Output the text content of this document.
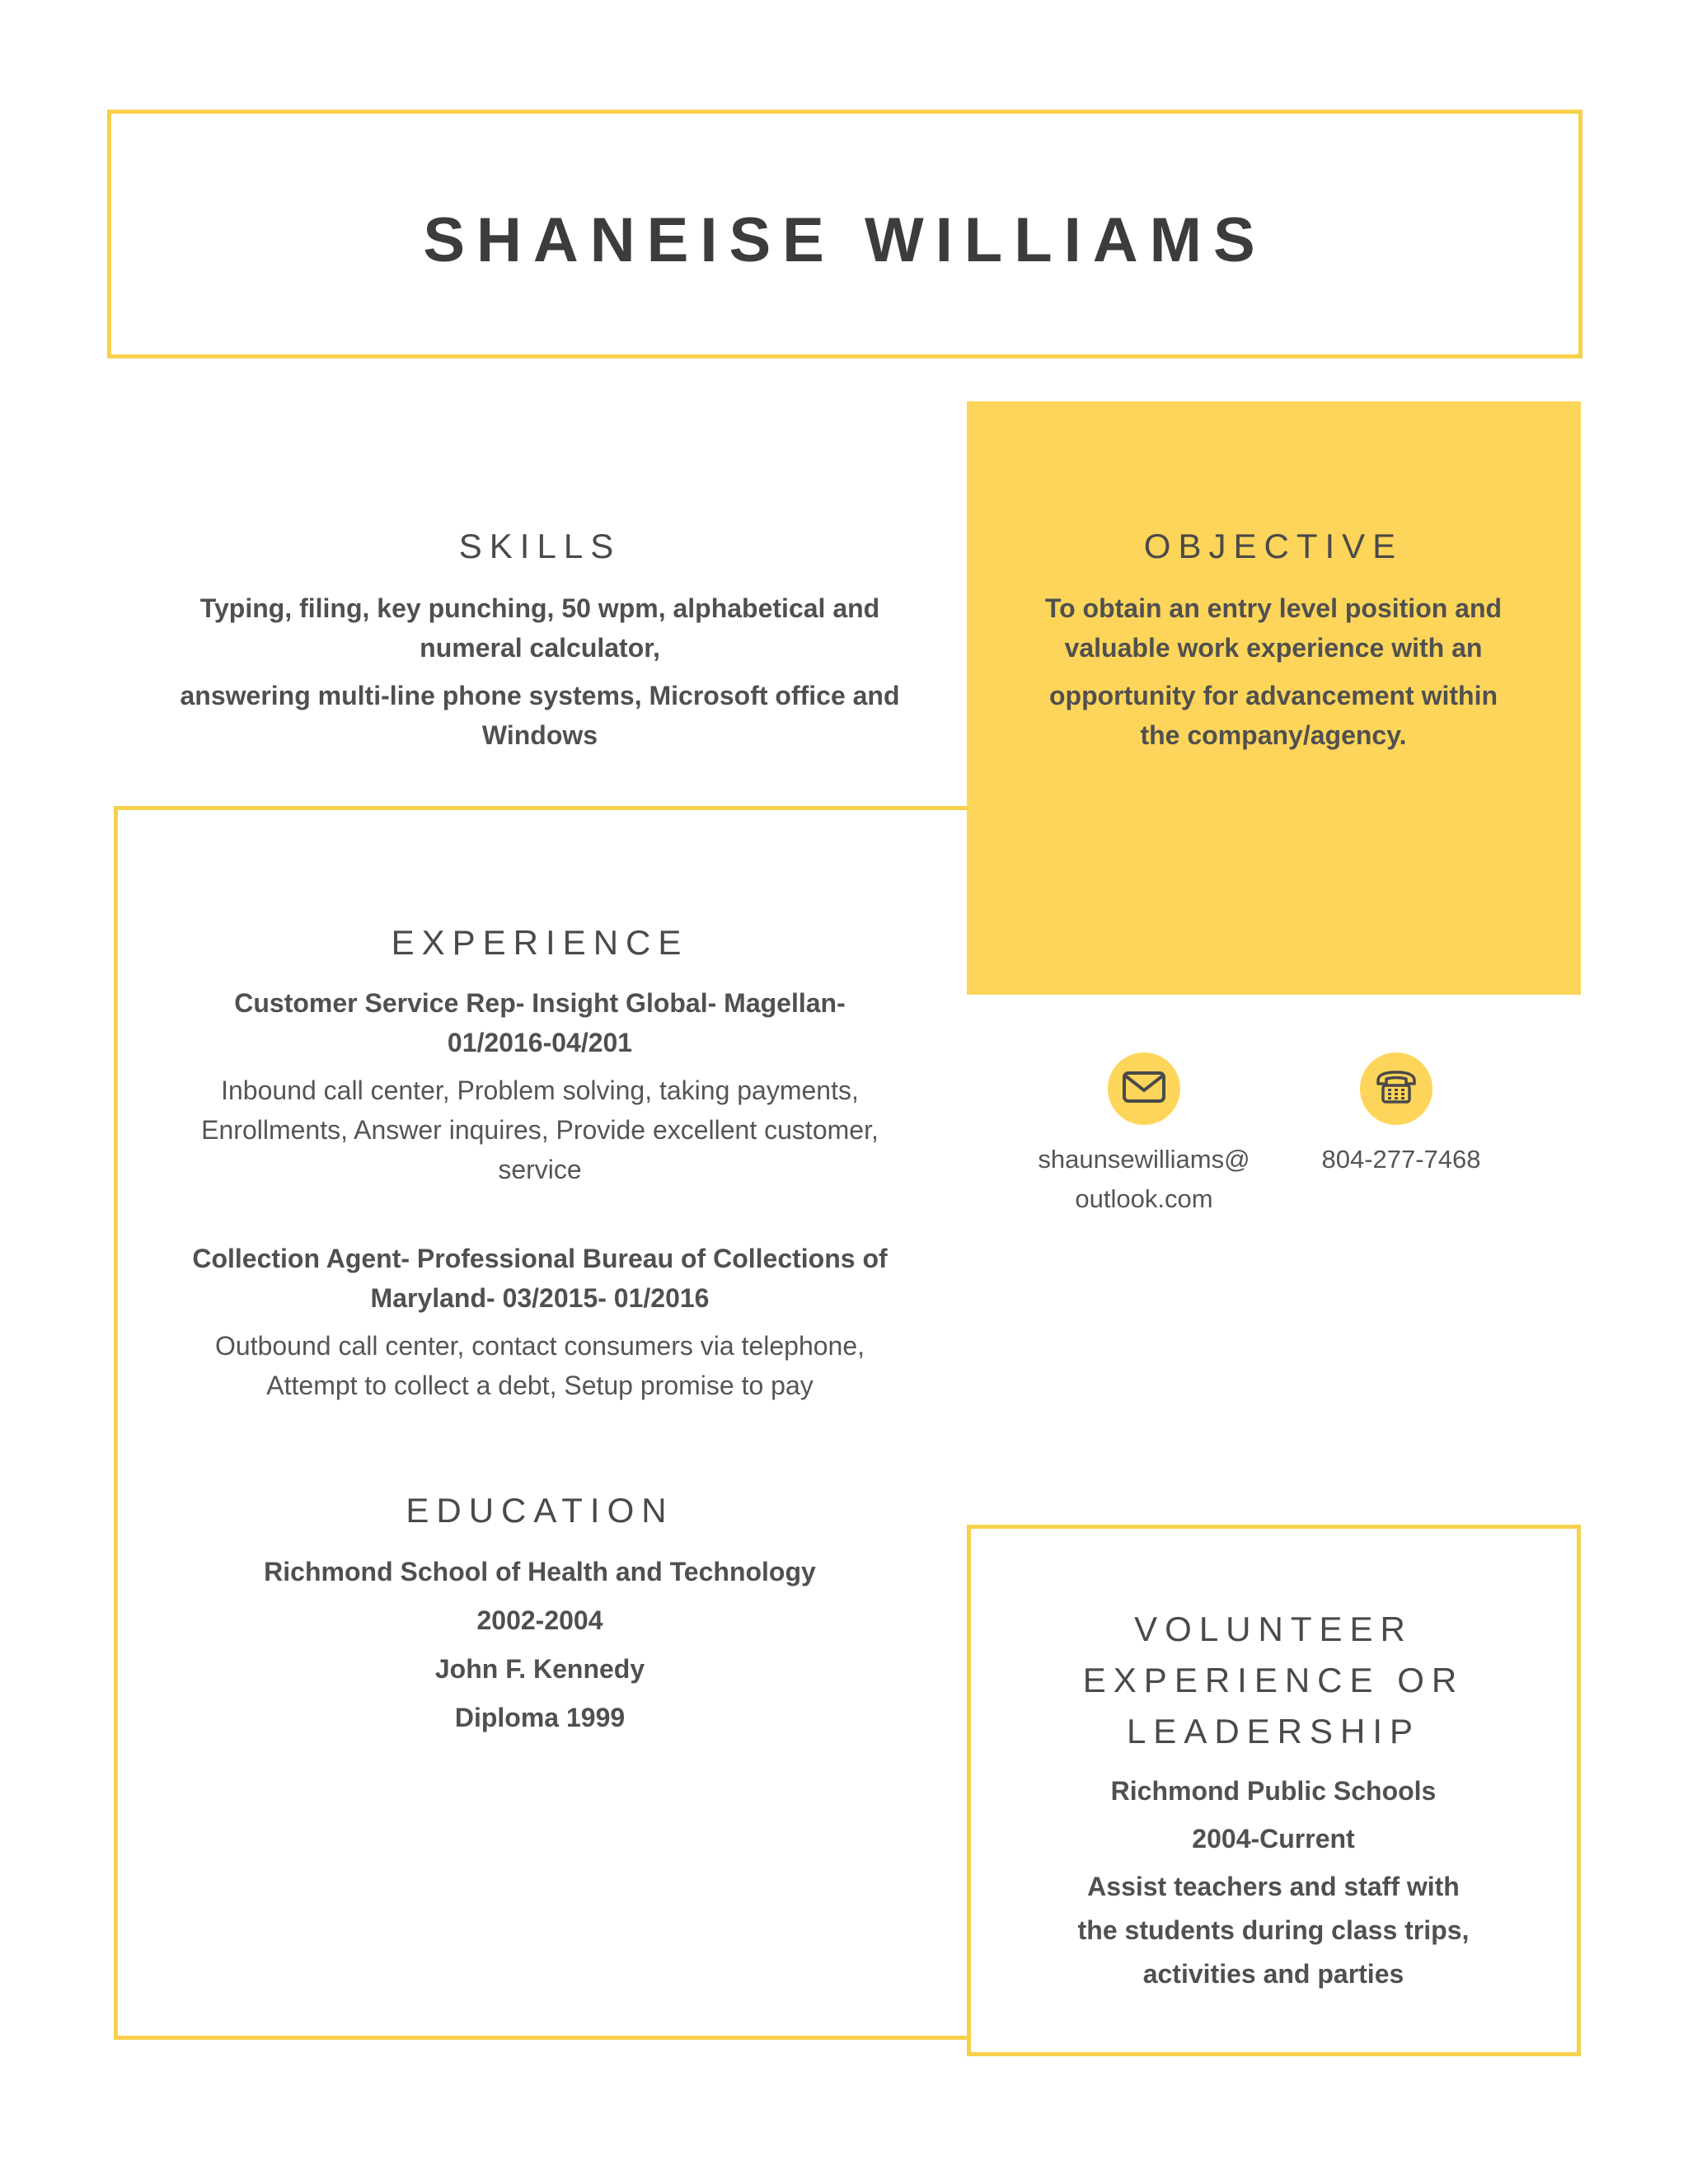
SHANEISE WILLIAMS
SKILLS
Typing, filing, key punching, 50 wpm, alphabetical and
numeral calculator,
answering multi-line phone systems, Microsoft office and
Windows
OBJECTIVE
To obtain an entry level position and
valuable work experience with an
opportunity for advancement within
the company/agency.
EXPERIENCE
Customer Service Rep- Insight Global- Magellan-
01/2016-04/201
Inbound call center, Problem solving, taking payments,
Enrollments, Answer inquires, Provide excellent customer,
service
Collection Agent- Professional Bureau of Collections of
Maryland- 03/2015- 01/2016
Outbound call center, contact consumers via telephone,
Attempt to collect a debt, Setup promise to pay
EDUCATION
Richmond School of Health and Technology
2002-2004
John F. Kennedy
Diploma 1999
shaunsewilliams@
outlook.com
804-277-7468
VOLUNTEER
EXPERIENCE OR
LEADERSHIP
Richmond Public Schools
2004-Current
Assist teachers and staff with
the students during class trips,
activities and parties
